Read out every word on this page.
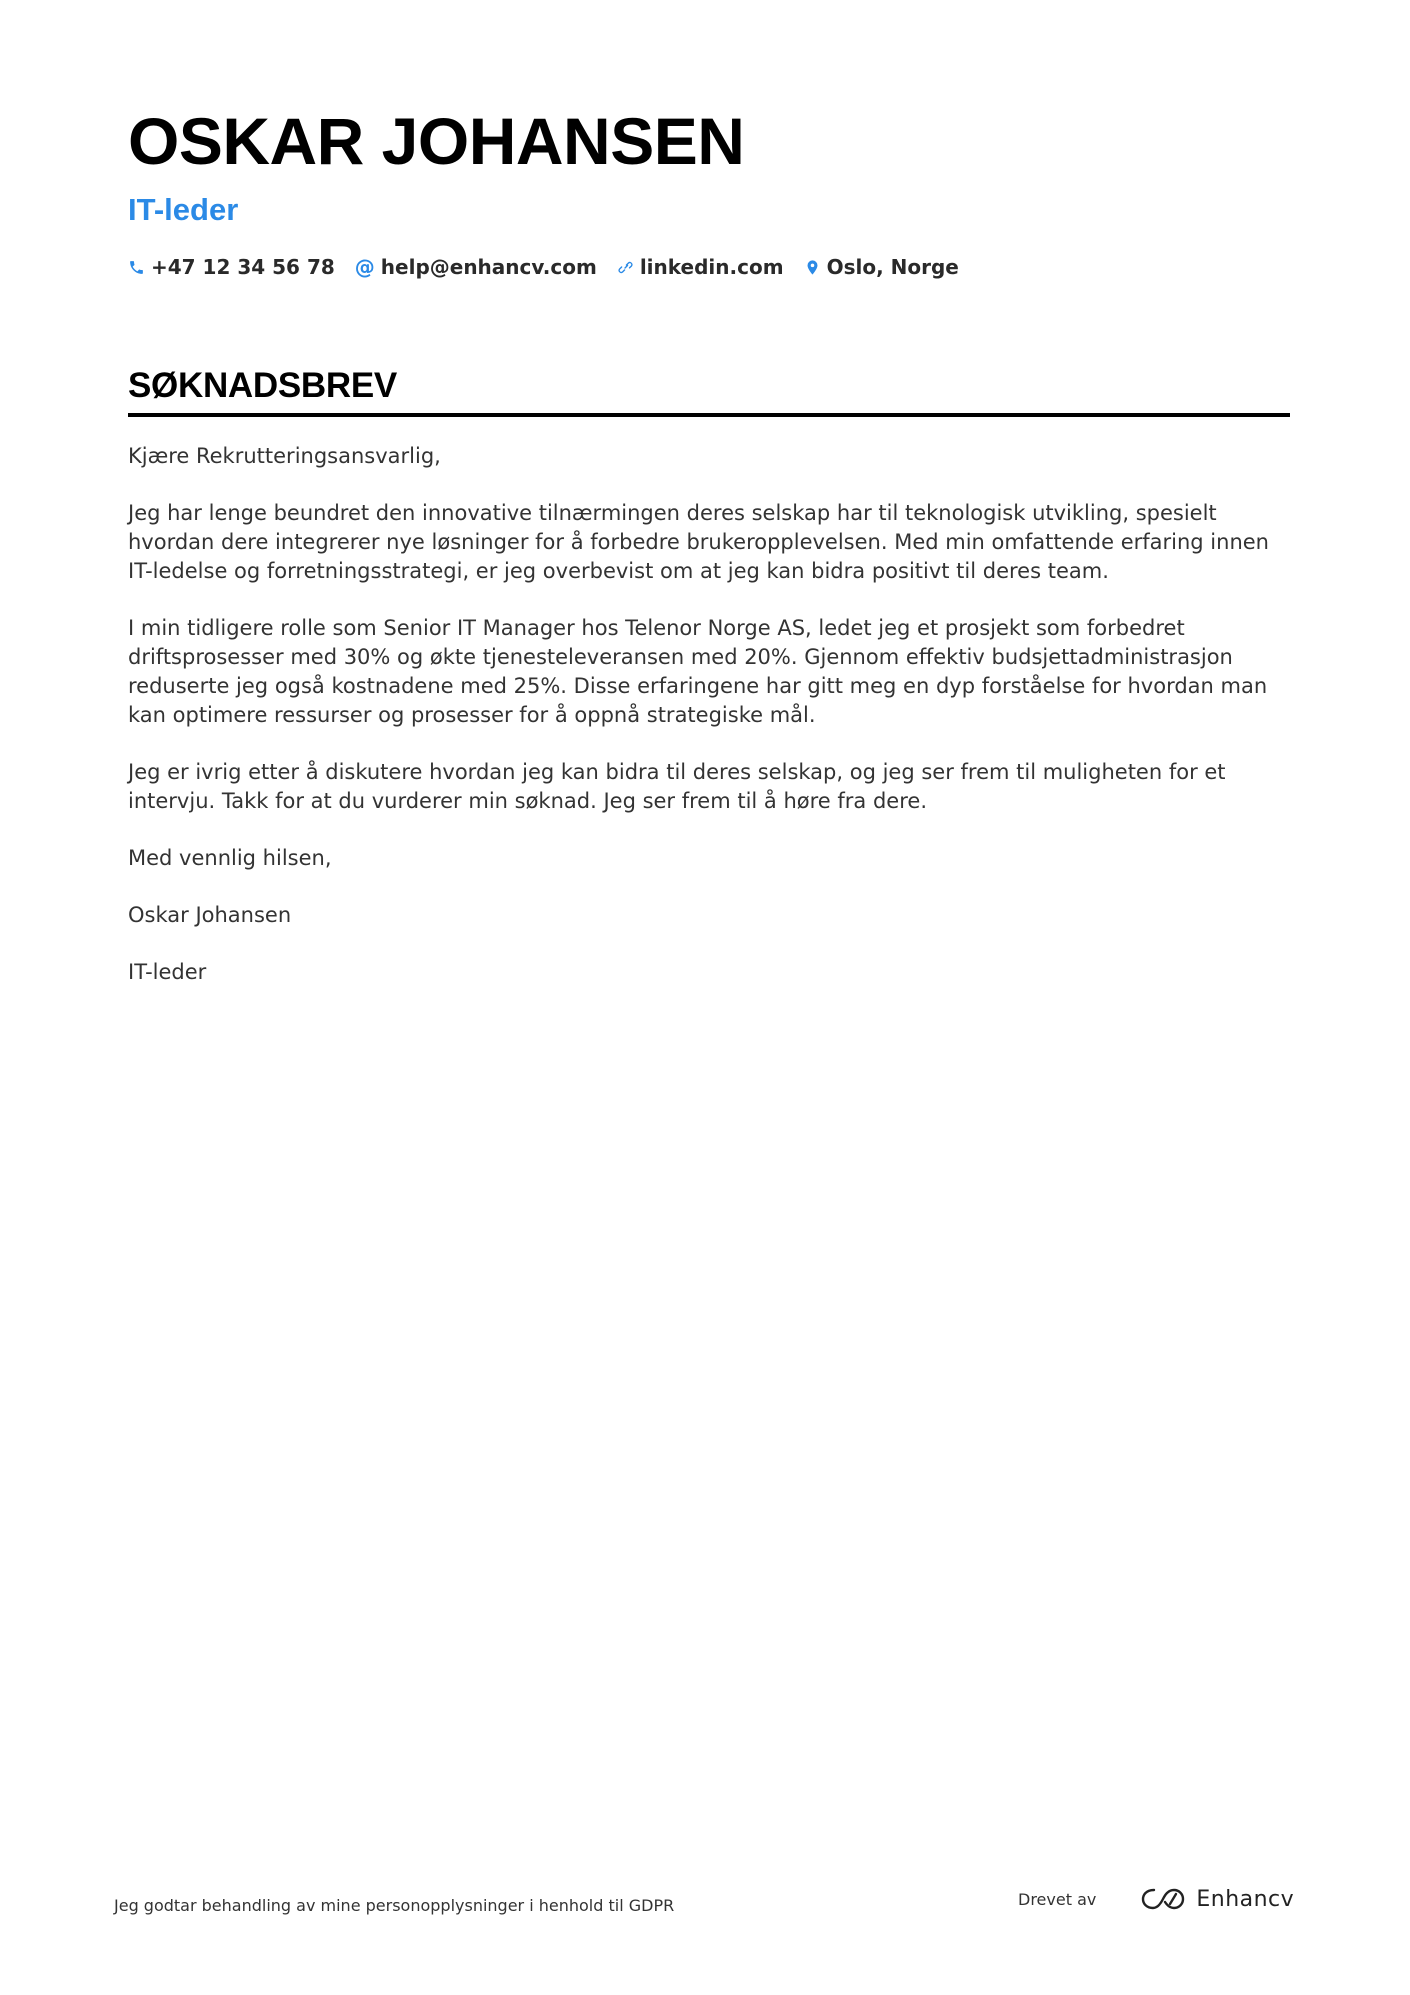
OSKAR JOHANSEN
IT-leder
+47 12 34 56 78 @ help@enhancv.com linkedin.com Oslo, Norge
SØKNADSBREV

Kjære Rekrutteringsansvarlig,

Jeg har lenge beundret den innovative tilnærmingen deres selskap har til teknologisk utvikling, spesielt hvordan dere integrerer nye løsninger for å forbedre brukeropplevelsen. Med min omfattende erfaring innen IT-ledelse og forretningsstrategi, er jeg overbevist om at jeg kan bidra positivt til deres team.

I min tidligere rolle som Senior IT Manager hos Telenor Norge AS, ledet jeg et prosjekt som forbedret driftsprosesser med 30% og økte tjenesteleveransen med 20%. Gjennom effektiv budsjettadministrasjon reduserte jeg også kostnadene med 25%. Disse erfaringene har gitt meg en dyp forståelse for hvordan man kan optimere ressurser og prosesser for å oppnå strategiske mål.

Jeg er ivrig etter å diskutere hvordan jeg kan bidra til deres selskap, og jeg ser frem til muligheten for et intervju. Takk for at du vurderer min søknad. Jeg ser frem til å høre fra dere.

Med vennlig hilsen,

Oskar Johansen

IT-leder

Jeg godtar behandling av mine personopplysninger i henhold til GDPR	Drevet av	Enhancv
